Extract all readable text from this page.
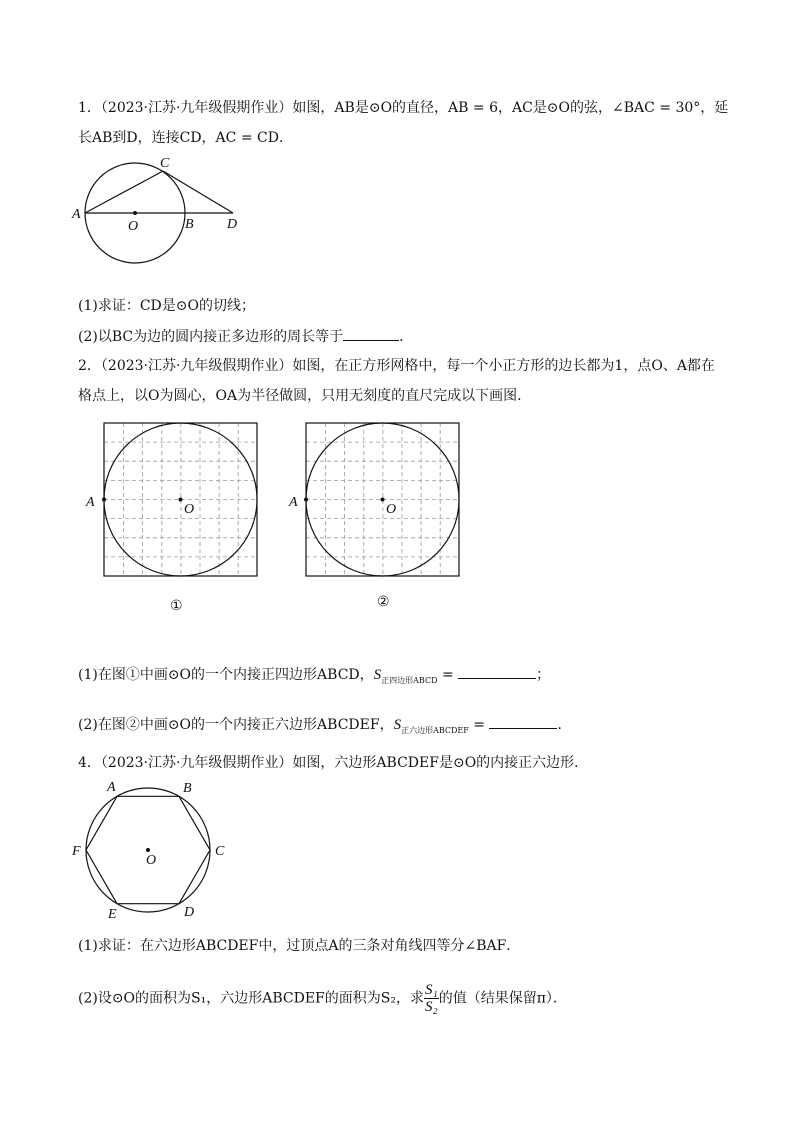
1．（2023·江苏·九年级假期作业）如图，AB是⊙O的直径，AB = 6，AC是⊙O的弦，∠BAC = 30°，延
长AB到D，连接CD，AC = CD．
A
O	B
C
D
(1)求证：CD是⊙O的切线；
(2)以BC为边的圆内接正多边形的周长等于	．
2．（2023·江苏·九年级假期作业）如图，在正方形网格中，每一个小正方形的边长都为1，点O、A都在
格点上，以O为圆心，OA为半径做圆，只用无刻度的直尺完成以下画图．
A	O
①
A	O
②
(1)在图①中画⊙O的一个内接正四边形ABCD，$S_{正四边形ABCD}$ =	；
(2)在图②中画⊙O的一个内接正六边形ABCDEF，$S_{正六边形ABCDEF}$ =	．
4．（2023·江苏·九年级假期作业）如图，六边形ABCDEF是⊙O的内接正六边形．
A	B
C
D
E
F
O
(1)求证：在六边形ABCDEF中，过顶点A的三条对角线四等分∠BAF．
(2)设⊙O的面积为S₁，六边形ABCDEF的面积为S₂，求 $\frac{\text{S₁}}{\text{S₂}}$ 的值（结果保留π）．
